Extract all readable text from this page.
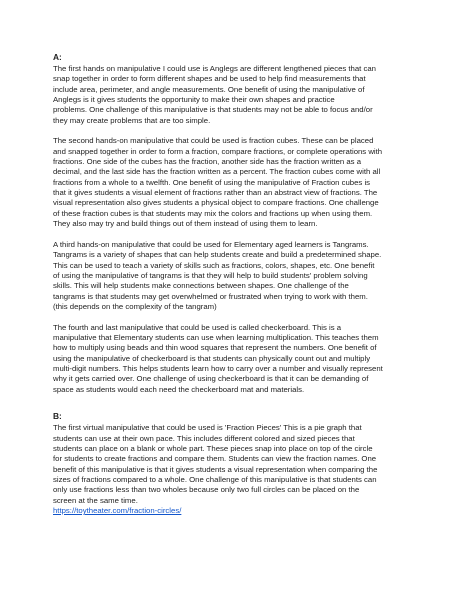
A:
The first hands on manipulative I could use is Anglegs are different lengthened pieces that can
snap together in order to form different shapes and be used to help find measurements that
include area, perimeter, and angle measurements. One benefit of using the manipulative of
Anglegs is it gives students the opportunity to make their own shapes and practice
problems. One challenge of this manipulative is that students may not be able to focus and/or
they may create problems that are too simple.
The second hands-on manipulative that could be used is fraction cubes. These can be placed
and snapped together in order to form a fraction, compare fractions, or complete operations with
fractions. One side of the cubes has the fraction, another side has the fraction written as a
decimal, and the last side has the fraction written as a percent. The fraction cubes come with all
fractions from a whole to a twelfth. One benefit of using the manipulative of Fraction cubes is
that it gives students a visual element of fractions rather than an abstract view of fractions. The
visual representation also gives students a physical object to compare fractions. One challenge
of these fraction cubes is that students may mix the colors and fractions up when using them.
They also may try and build things out of them instead of using them to learn.
A third hands-on manipulative that could be used for Elementary aged learners is Tangrams.
Tangrams is a variety of shapes that can help students create and build a predetermined shape.
This can be used to teach a variety of skills such as fractions, colors, shapes, etc. One benefit
of using the manipulative of tangrams is that they will help to build students' problem solving
skills. This will help students make connections between shapes. One challenge of the
tangrams is that students may get overwhelmed or frustrated when trying to work with them.
(this depends on the complexity of the tangram)
The fourth and last manipulative that could be used is called checkerboard. This is a
manipulative that Elementary students can use when learning multiplication. This teaches them
how to multiply using beads and thin wood squares that represent the numbers. One benefit of
using the manipulative of checkerboard is that students can physically count out and multiply
multi-digit numbers. This helps students learn how to carry over a number and visually represent
why it gets carried over. One challenge of using checkerboard is that it can be demanding of
space as students would each need the checkerboard mat and materials.
B:
The first virtual manipulative that could be used is 'Fraction Pieces' This is a pie graph that
students can use at their own pace. This includes different colored and sized pieces that
students can place on a blank or whole part. These pieces snap into place on top of the circle
for students to create fractions and compare them. Students can view the fraction names. One
benefit of this manipulative is that it gives students a visual representation when comparing the
sizes of fractions compared to a whole. One challenge of this manipulative is that students can
only use fractions less than two wholes because only two full circles can be placed on the
screen at the same time.
https://toytheater.com/fraction-circles/
